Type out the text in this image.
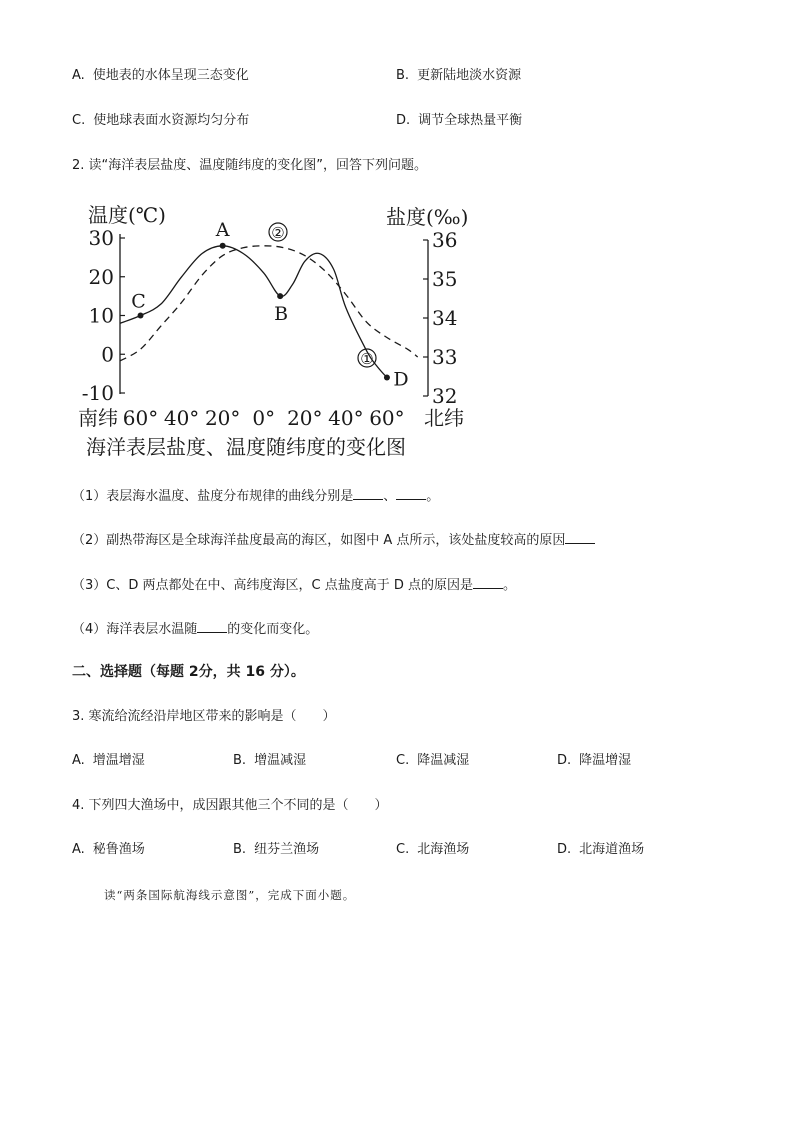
A. 使地表的水体呈现三态变化	B. 更新陆地淡水资源
C. 使地球表面水资源均匀分布	D. 调节全球热量平衡
2. 读“海洋表层盐度、温度随纬度的变化图”，回答下列问题。
温度(℃)	盐度(‰)
30
20
10
0
-10
36
35
34
33
32
60° 40° 20° 0° 20° 40° 60°
A
B
C
D
②
①
南纬	北纬
海洋表层盐度、温度随纬度的变化图
（1）表层海水温度、盐度分布规律的曲线分别是 、 。
（2）副热带海区是全球海洋盐度最高的海区，如图中 A 点所示，该处盐度较高的原因
（3）C、D 两点都处在中、高纬度海区，C 点盐度高于 D 点的原因是 。
（4）海洋表层水温随 的变化而变化。
二、选择题（每题 2分，共 16 分）。
3. 寒流给流经沿岸地区带来的影响是（　　）
A. 增温增湿	B. 增温减湿	C. 降温减湿	D. 降温增湿
4. 下列四大渔场中，成因跟其他三个不同的是（　　）
A. 秘鲁渔场	B. 纽芬兰渔场	C. 北海渔场	D. 北海道渔场
读“两条国际航海线示意图”，完成下面小题。
